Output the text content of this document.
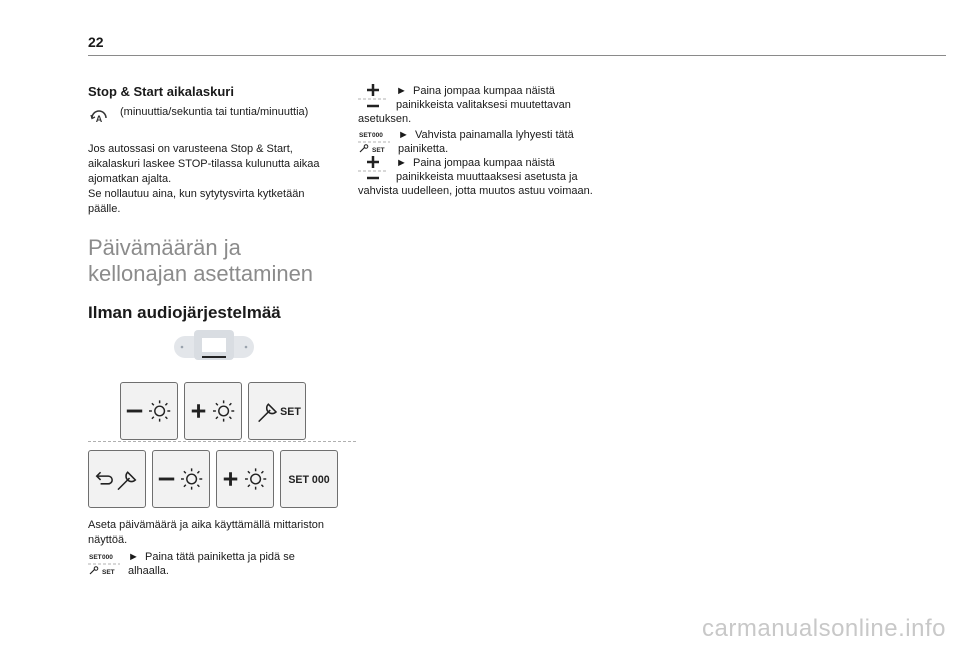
22

Stop & Start aikalaskuri

A

(minuuttia/sekuntia tai tuntia/minuuttia)

Jos autossasi on varusteena Stop & Start,
aikalaskuri laskee STOP-tilassa kulunutta aikaa
ajomatkan ajalta.
Se nollautuu aina, kun sytytysvirta kytketään
päälle.
Päivämäärän ja
kellonajan asettaminen

Ilman audiojärjestelmää

SET
SET 000
Aseta päivämäärä ja aika käyttämällä mittariston
näyttöä.
SET 000
SET
► Paina tätä painiketta ja pidä se
alhaalla.
► Paina jompaa kumpaa näistä
painikkeista valitaksesi muutettavan
asetuksen.
SET 000
SET
► Vahvista painamalla lyhyesti tätä
painiketta.
► Paina jompaa kumpaa näistä
painikkeista muuttaaksesi asetusta ja
vahvista uudelleen, jotta muutos astuu voimaan.
carmanualsonline.info
